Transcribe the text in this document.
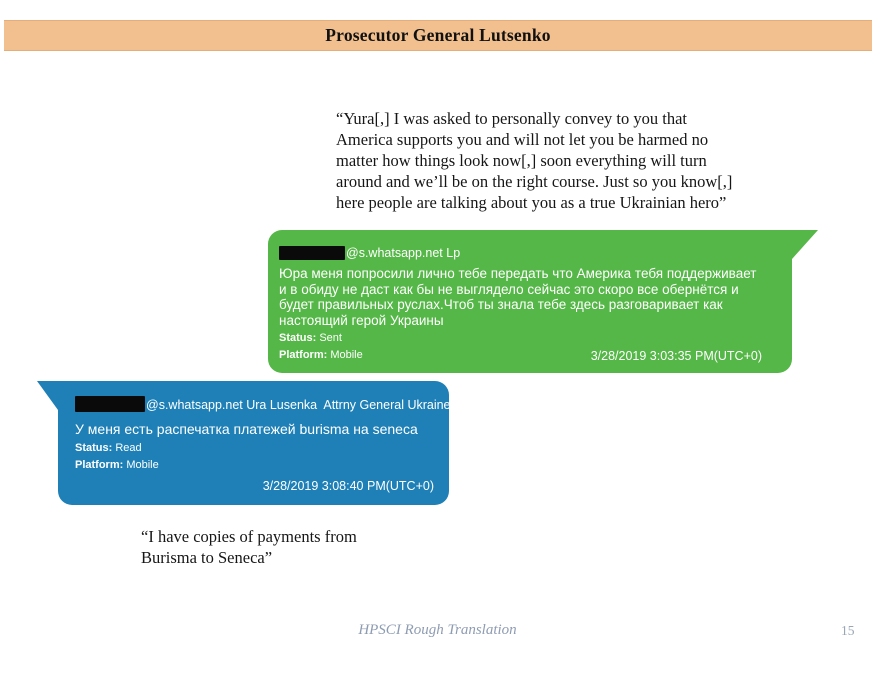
Prosecutor General Lutsenko
“Yura[,] I was asked to personally convey to you that
America supports you and will not let you be harmed no
matter how things look now[,] soon everything will turn
around and we’ll be on the right course. Just so you know[,]
here people are talking about you as a true Ukrainian hero”
@s.whatsapp.net Lp
Юра меня попросили лично тебе передать что Америка тебя поддерживает и в обиду не даст как бы не выглядело сейчас это скоро все обернётся и будет правильных руслах.Чтоб ты знала тебе здесь разговаривает как настоящий герой Украины
Status: Sent
Platform: Mobile	3/28/2019 3:03:35 PM(UTC+0)
@s.whatsapp.net Ura Lusenka  Attrny General Ukraine
У меня есть распечатка платежей burisma на seneca
Status: Read
Platform: Mobile
3/28/2019 3:08:40 PM(UTC+0)
“I have copies of payments from
Burisma to Seneca”
HPSCI Rough Translation	15
